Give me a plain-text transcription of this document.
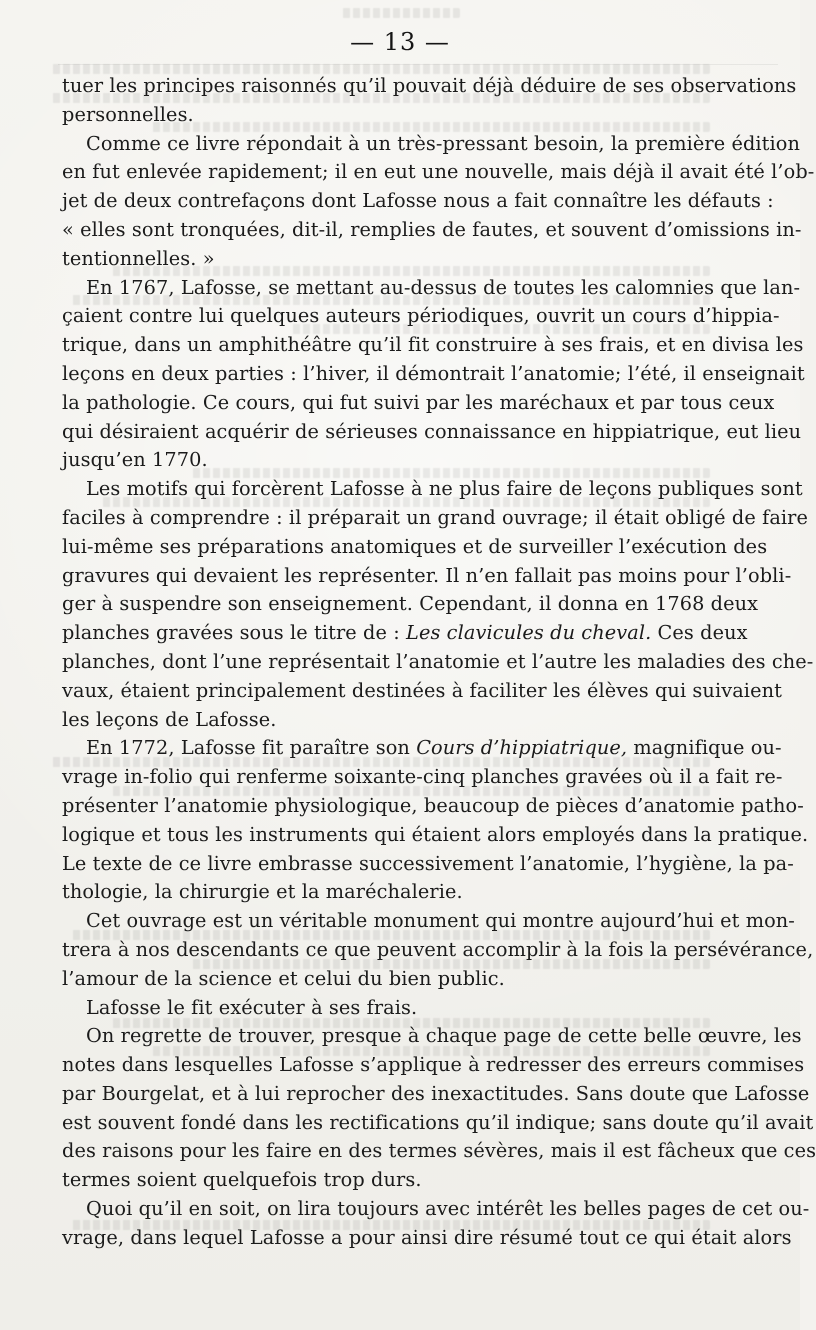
— 13 —
tuer les principes raisonnés qu’il pouvait déjà déduire de ses observations
personnelles.
Comme ce livre répondait à un très-pressant besoin, la première édition
en fut enlevée rapidement; il en eut une nouvelle, mais déjà il avait été l’ob-
jet de deux contrefaçons dont Lafosse nous a fait connaître les défauts :
« elles sont tronquées, dit-il, remplies de fautes, et souvent d’omissions in-
tentionnelles. »
En 1767, Lafosse, se mettant au-dessus de toutes les calomnies que lan-
çaient contre lui quelques auteurs périodiques, ouvrit un cours d’hippia-
trique, dans un amphithéâtre qu’il fit construire à ses frais, et en divisa les
leçons en deux parties : l’hiver, il démontrait l’anatomie; l’été, il enseignait
la pathologie. Ce cours, qui fut suivi par les maréchaux et par tous ceux
qui désiraient acquérir de sérieuses connaissance en hippiatrique, eut lieu
jusqu’en 1770.
Les motifs qui forcèrent Lafosse à ne plus faire de leçons publiques sont
faciles à comprendre : il préparait un grand ouvrage; il était obligé de faire
lui-même ses préparations anatomiques et de surveiller l’exécution des
gravures qui devaient les représenter. Il n’en fallait pas moins pour l’obli-
ger à suspendre son enseignement. Cependant, il donna en 1768 deux
planches gravées sous le titre de : Les clavicules du cheval. Ces deux
planches, dont l’une représentait l’anatomie et l’autre les maladies des che-
vaux, étaient principalement destinées à faciliter les élèves qui suivaient
les leçons de Lafosse.
En 1772, Lafosse fit paraître son Cours d’hippiatrique, magnifique ou-
vrage in-folio qui renferme soixante-cinq planches gravées où il a fait re-
présenter l’anatomie physiologique, beaucoup de pièces d’anatomie patho-
logique et tous les instruments qui étaient alors employés dans la pratique.
Le texte de ce livre embrasse successivement l’anatomie, l’hygiène, la pa-
thologie, la chirurgie et la maréchalerie.
Cet ouvrage est un véritable monument qui montre aujourd’hui et mon-
trera à nos descendants ce que peuvent accomplir à la fois la persévérance,
l’amour de la science et celui du bien public.
Lafosse le fit exécuter à ses frais.
On regrette de trouver, presque à chaque page de cette belle œuvre, les
notes dans lesquelles Lafosse s’applique à redresser des erreurs commises
par Bourgelat, et à lui reprocher des inexactitudes. Sans doute que Lafosse
est souvent fondé dans les rectifications qu’il indique; sans doute qu’il avait
des raisons pour les faire en des termes sévères, mais il est fâcheux que ces
termes soient quelquefois trop durs.
Quoi qu’il en soit, on lira toujours avec intérêt les belles pages de cet ou-
vrage, dans lequel Lafosse a pour ainsi dire résumé tout ce qui était alors
